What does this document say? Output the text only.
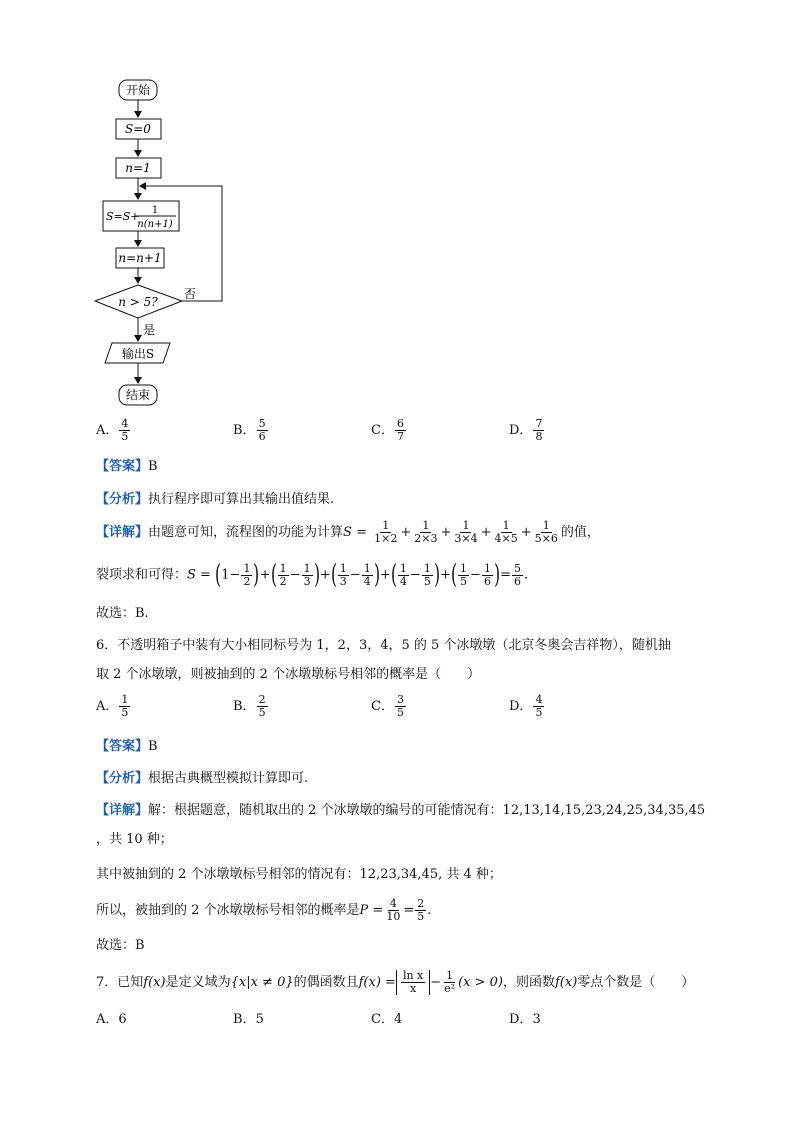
开始
S=0
n=1
S=S+ 1
n(n+1)
n=n+1
n > 5?
否
是
输出S
结束
A． $\frac{4}{5}$	B． $\frac{5}{6}$	C． $\frac{6}{7}$	D． $\frac{7}{8}$
【答案】B
【分析】执行程序即可算出其输出值结果.
【详解】由题意可知，流程图的功能为计算$S = \frac{1}{1\times 2} + \frac{1}{2\times 3} + \frac{1}{3\times 4} + \frac{1}{4\times 5} + \frac{1}{5\times 6}$ 的值，
裂项求和可得：$S = (1- \frac{1}{2}$ )+( $\frac{1}{2} - \frac{1}{3}$ )+( $\frac{1}{3} - \frac{1}{4}$ )+( $\frac{1}{4} - \frac{1}{5}$ )+( $\frac{1}{5} - \frac{1}{6}$ )= $\frac{5}{6}$ .
故选：B.
6．不透明箱子中装有大小相同标号为 1，2，3，4，5 的 5 个冰墩墩（北京冬奥会吉祥物），随机抽
取 2 个冰墩墩，则被抽到的 2 个冰墩墩标号相邻的概率是（　　）
A． $\frac{1}{5}$	B． $\frac{2}{5}$	C． $\frac{3}{5}$	D． $\frac{4}{5}$
【答案】B
【分析】根据古典概型模拟计算即可.
【详解】解：根据题意，随机取出的 2 个冰墩墩的编号的可能情况有：12,13,14,15,23,24,25,34,35,45
，共 10 种；
其中被抽到的 2 个冰墩墩标号相邻的情况有：12,23,34,45, 共 4 种；
所以，被抽到的 2 个冰墩墩标号相邻的概率是$P = \frac{4}{10} = \frac{2}{5}$ .
故选：B
7．已知f(x)是定义域为{x|x ≠ 0}的偶函数且$f(x) = \frac{\text{ln x}}{x} - \frac{1}{\text{e²}} (x > 0)$，则函数f(x)零点个数是（　　）
A．6	B．5	C．4	D．3
